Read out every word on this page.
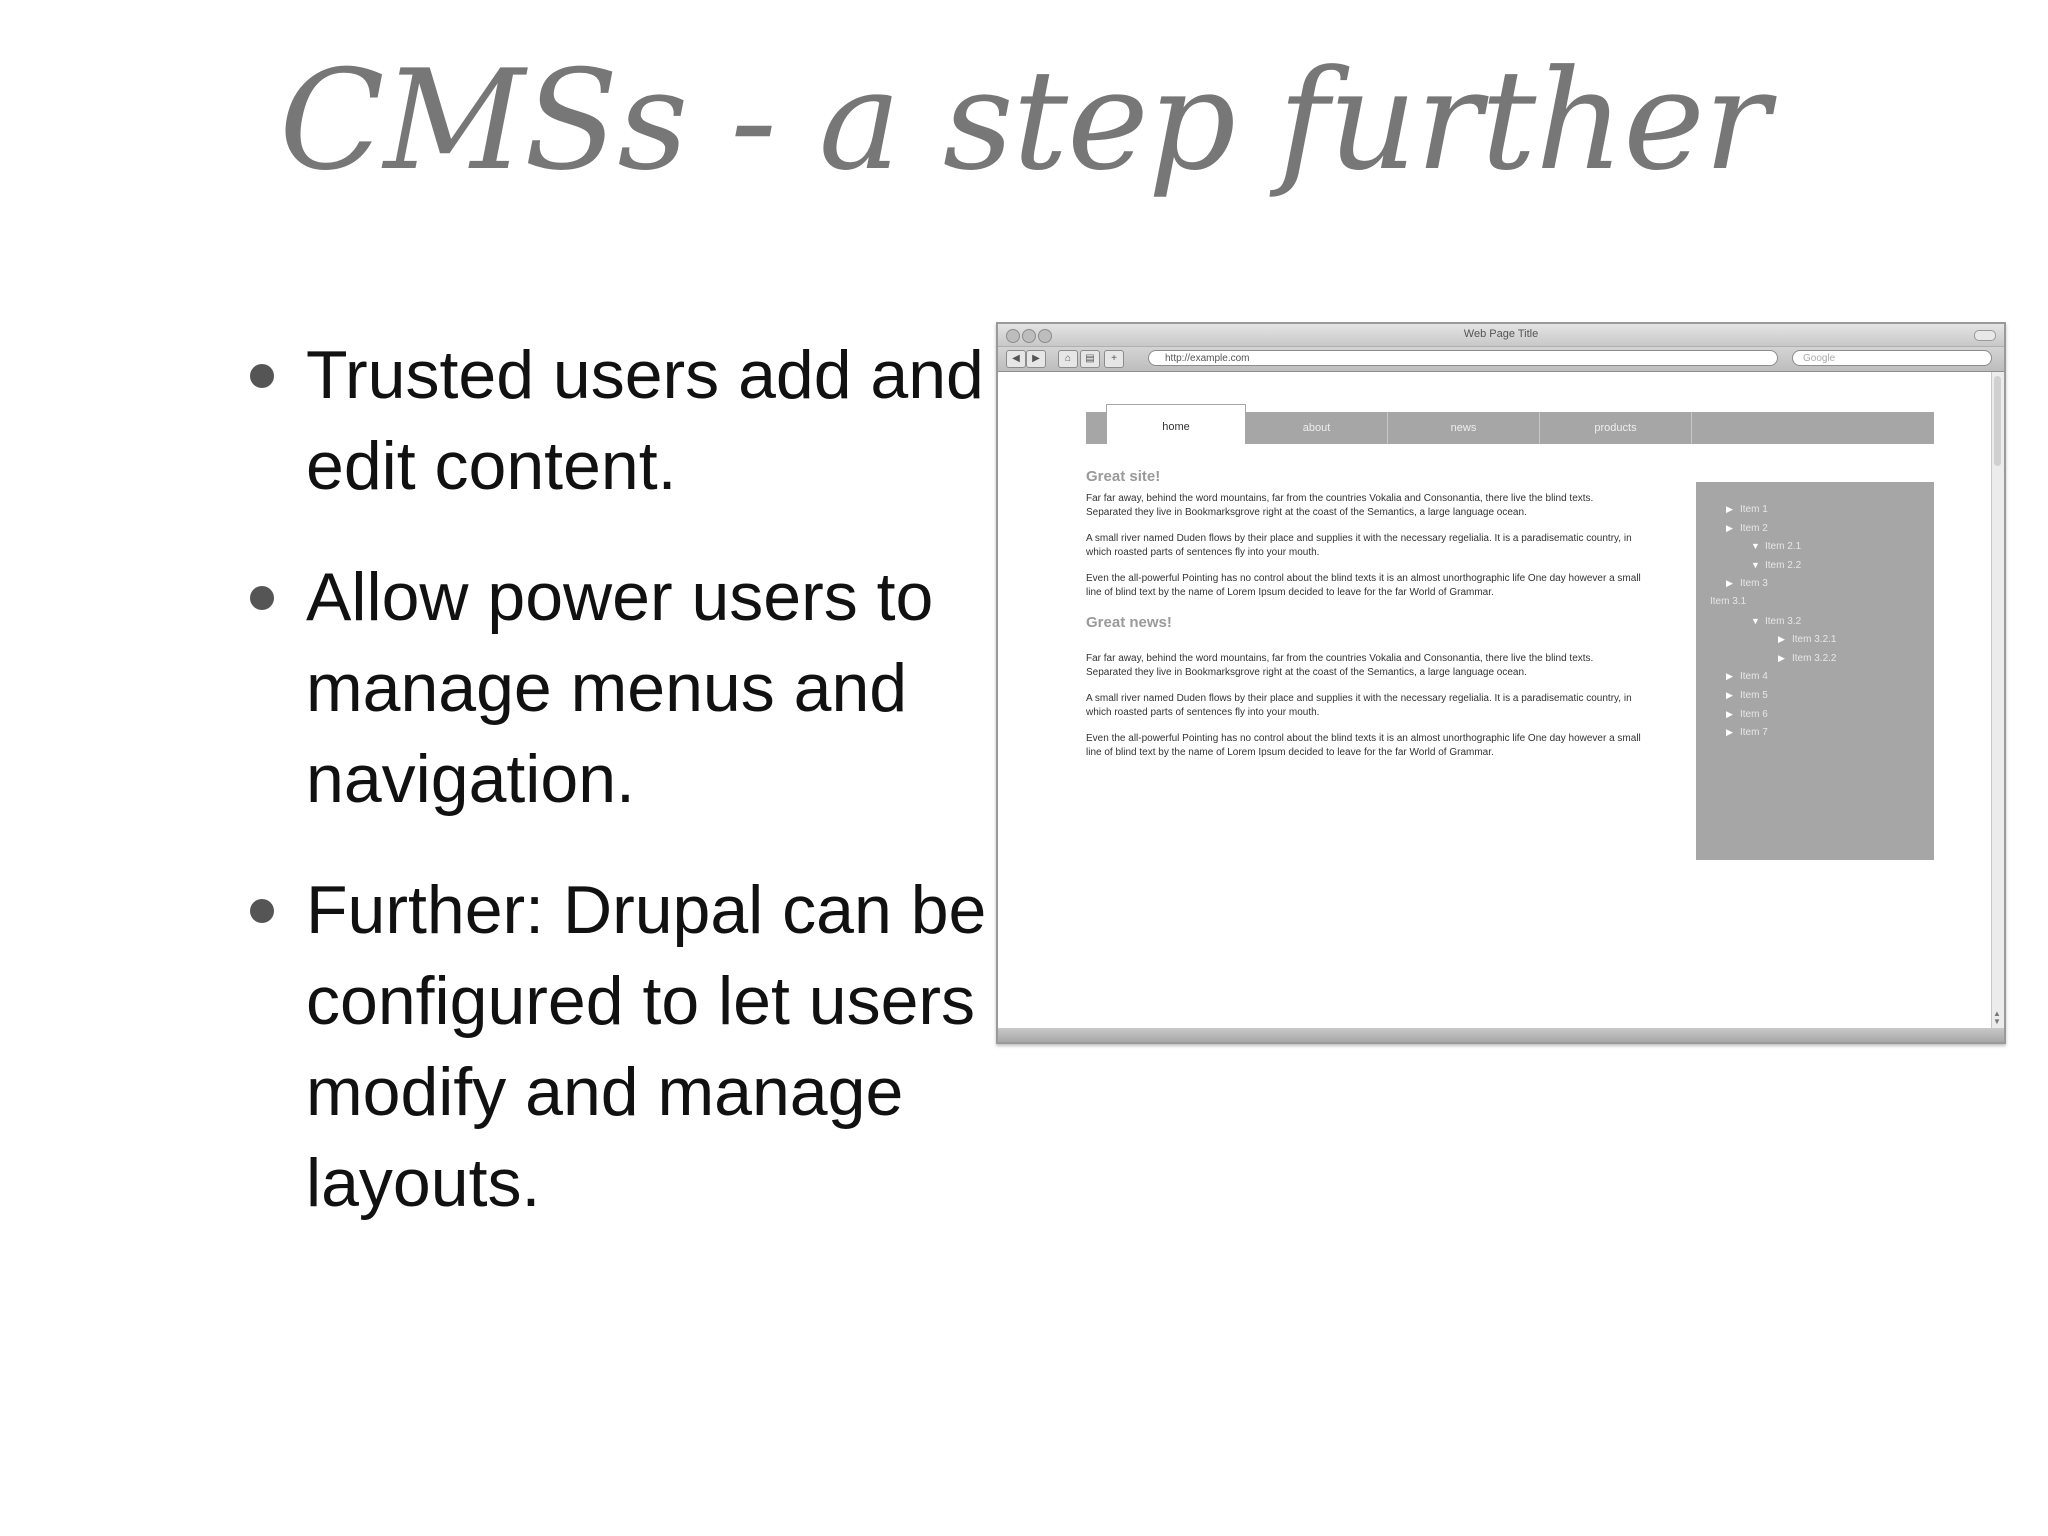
CMSs - a step further
Trusted users add and edit content.
Allow power users to manage menus and navigation.
Further: Drupal can be configured to let users modify and manage layouts.
Web Page Title
◀	▶	⌂	▤	+	http://example.com	Google
home	about	news	products
Great site!

Far far away, behind the word mountains, far from the countries Vokalia and Consonantia, there live the blind texts. Separated they live in Bookmarksgrove right at the coast of the Semantics, a large language ocean.

A small river named Duden flows by their place and supplies it with the necessary regelialia. It is a paradisematic country, in which roasted parts of sentences fly into your mouth.

Even the all-powerful Pointing has no control about the blind texts it is an almost unorthographic life One day however a small line of blind text by the name of Lorem Ipsum decided to leave for the far World of Grammar.

Great news!

Far far away, behind the word mountains, far from the countries Vokalia and Consonantia, there live the blind texts. Separated they live in Bookmarksgrove right at the coast of the Semantics, a large language ocean.

A small river named Duden flows by their place and supplies it with the necessary regelialia. It is a paradisematic country, in which roasted parts of sentences fly into your mouth.

Even the all-powerful Pointing has no control about the blind texts it is an almost unorthographic life One day however a small line of blind text by the name of Lorem Ipsum decided to leave for the far World of Grammar.

▶ Item 1
▶ Item 2
▼ Item 2.1
▼ Item 2.2
▶ Item 3
Item 3.1
▼ Item 3.2
▶ Item 3.2.1
▶ Item 3.2.2
▶ Item 4
▶ Item 5
▶ Item 6
▶ Item 7
▲
▼
